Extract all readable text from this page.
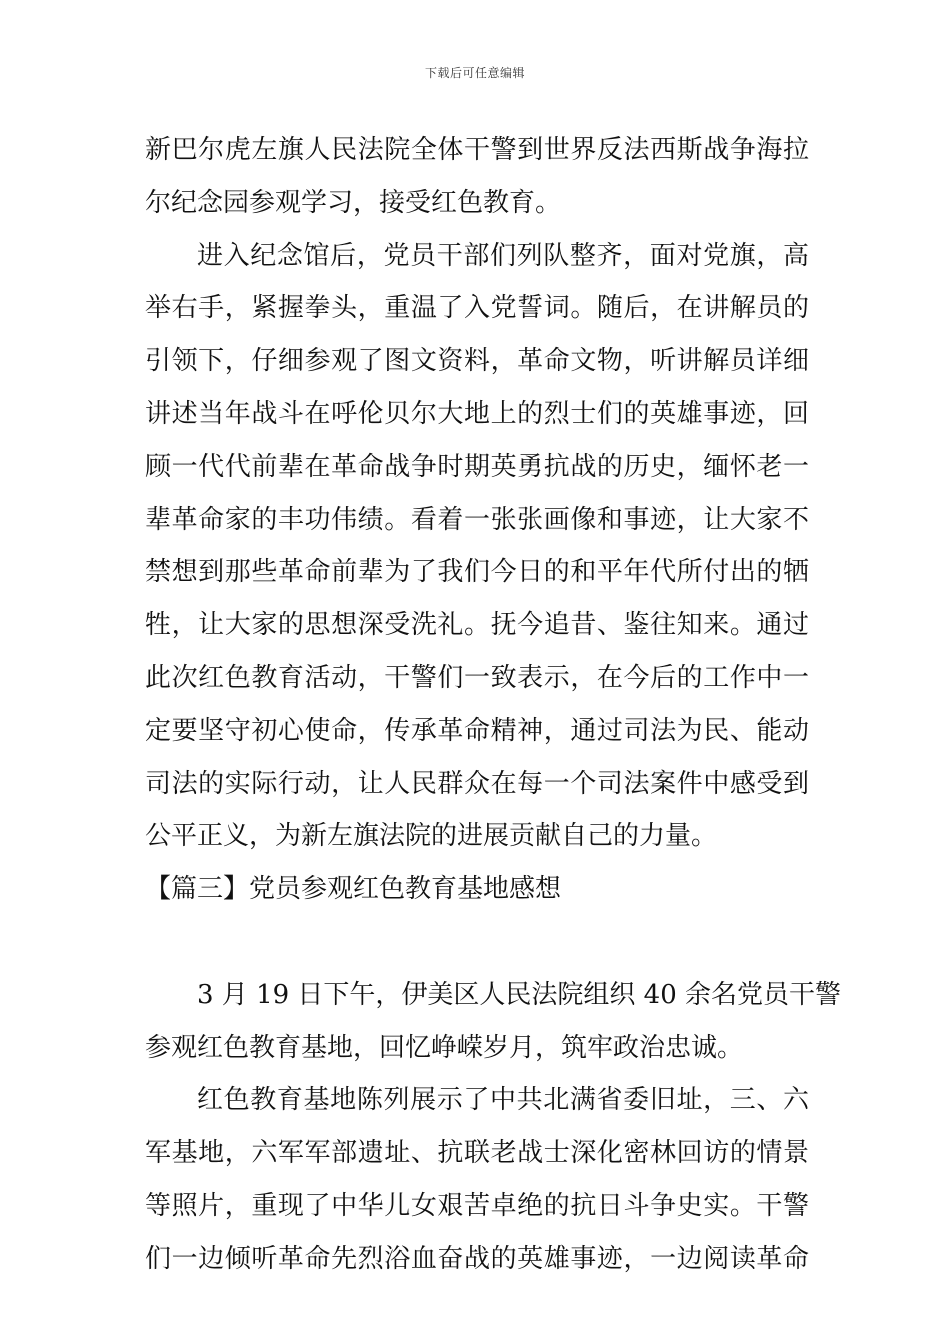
下载后可任意编辑
新巴尔虎左旗人民法院全体干警到世界反法西斯战争海拉
尔纪念园参观学习，接受红色教育。
进入纪念馆后，党员干部们列队整齐，面对党旗，高
举右手，紧握拳头，重温了入党誓词。随后，在讲解员的
引领下，仔细参观了图文资料，革命文物，听讲解员详细
讲述当年战斗在呼伦贝尔大地上的烈士们的英雄事迹，回
顾一代代前辈在革命战争时期英勇抗战的历史，缅怀老一
辈革命家的丰功伟绩。看着一张张画像和事迹，让大家不
禁想到那些革命前辈为了我们今日的和平年代所付出的牺
牲，让大家的思想深受洗礼。抚今追昔、鉴往知来。通过
此次红色教育活动，干警们一致表示，在今后的工作中一
定要坚守初心使命，传承革命精神，通过司法为民、能动
司法的实际行动，让人民群众在每一个司法案件中感受到
公平正义，为新左旗法院的进展贡献自己的力量。
【篇三】党员参观红色教育基地感想
3 月 19 日下午，伊美区人民法院组织 40 余名党员干警
参观红色教育基地，回忆峥嵘岁月，筑牢政治忠诚。
红色教育基地陈列展示了中共北满省委旧址，三、六
军基地，六军军部遗址、抗联老战士深化密林回访的情景
等照片，重现了中华儿女艰苦卓绝的抗日斗争史实。干警
们一边倾听革命先烈浴血奋战的英雄事迹，一边阅读革命
